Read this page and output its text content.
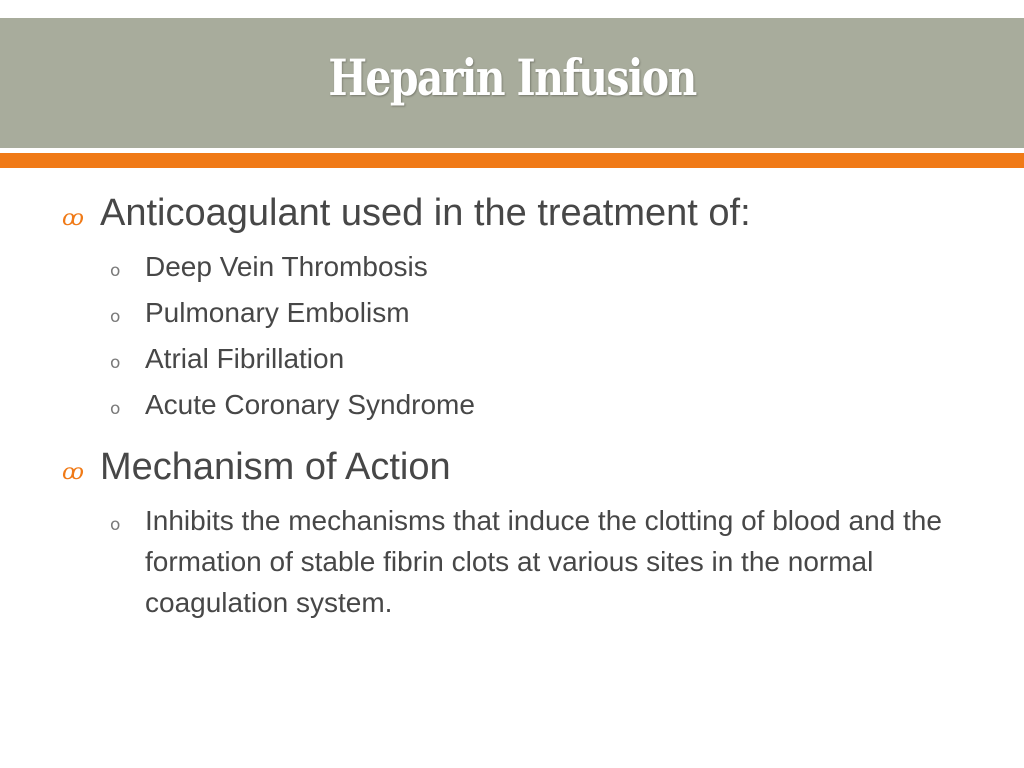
Heparin Infusion
ꝏ Anticoagulant used in the treatment of:
o Deep Vein Thrombosis
o Pulmonary Embolism
o Atrial Fibrillation
o Acute Coronary Syndrome
ꝏ Mechanism of Action
o Inhibits the mechanisms that induce the clotting of blood and the formation of stable fibrin clots at various sites in the normal coagulation system.
